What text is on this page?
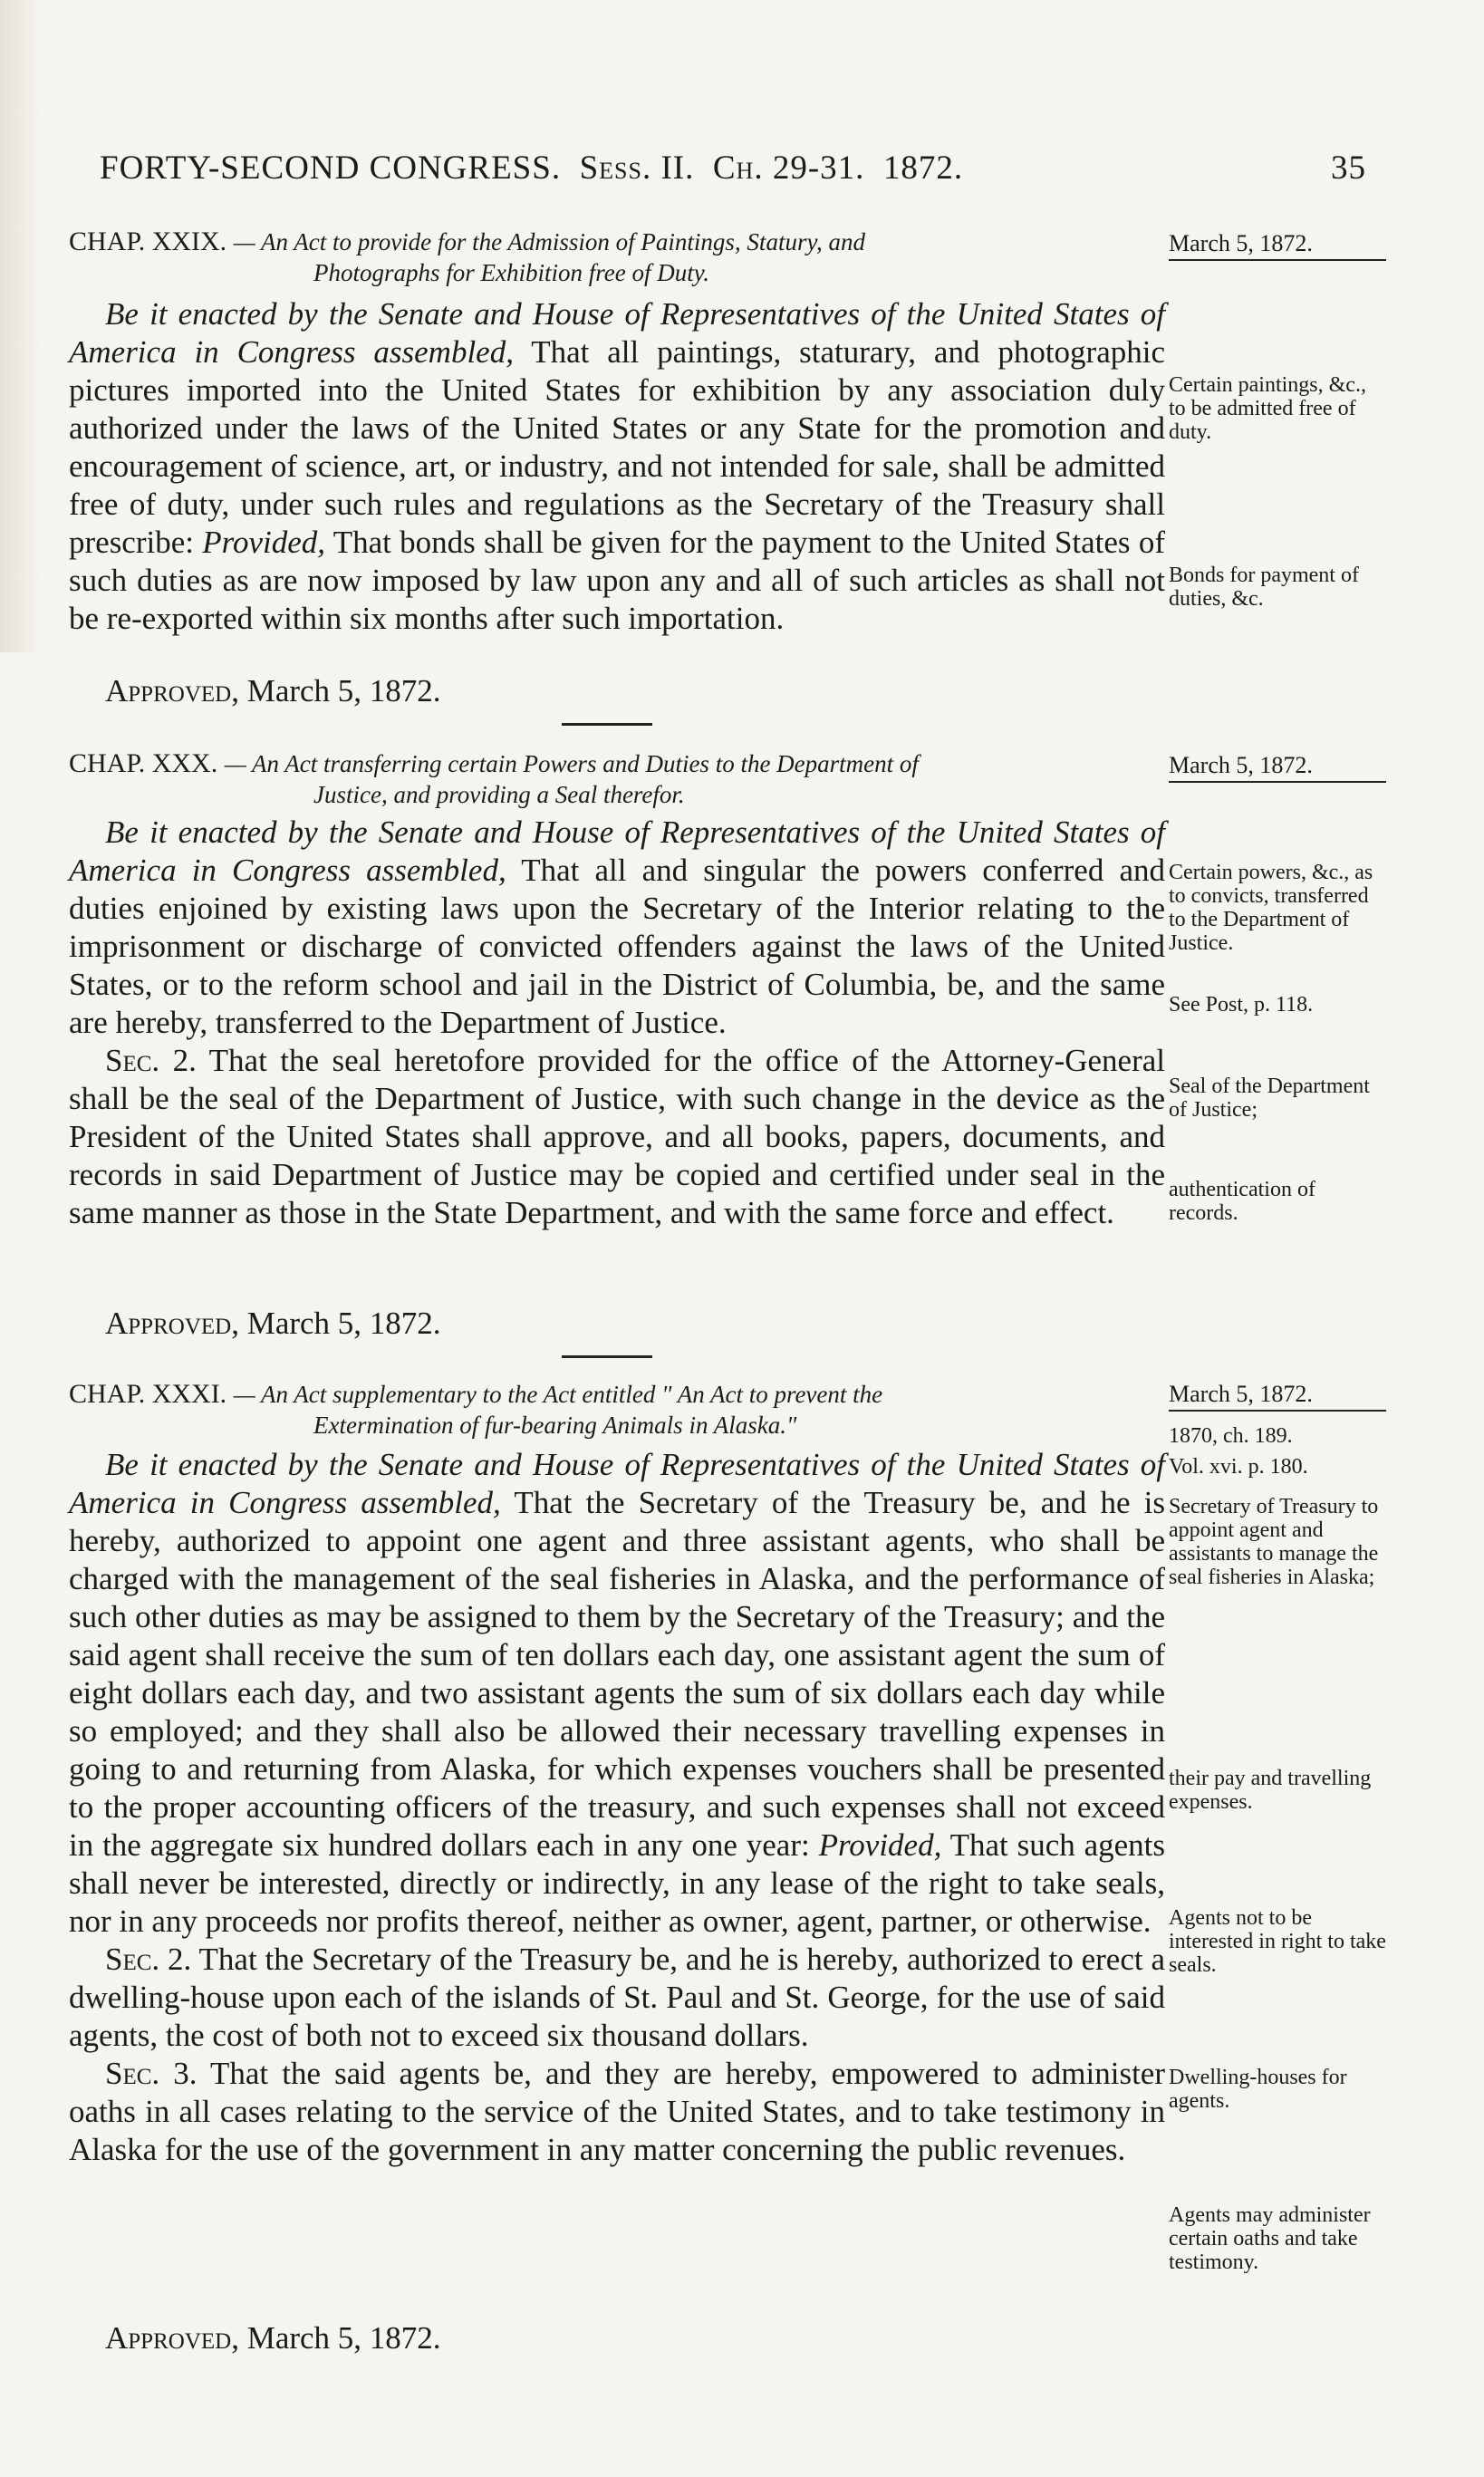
FORTY-SECOND CONGRESS. Sess. II. Ch. 29-31. 1872.	35
CHAP. XXIX. — An Act to provide for the Admission of Paintings, Statury, and
Photographs for Exhibition free of Duty.
March 5, 1872.

Be it enacted by the Senate and House of Representatives of the United States of America in Congress assembled, That all paintings, staturary, and photographic pictures imported into the United States for exhibition by any association duly authorized under the laws of the United States or any State for the promotion and encouragement of science, art, or industry, and not intended for sale, shall be admitted free of duty, under such rules and regulations as the Secretary of the Treasury shall prescribe: Provided, That bonds shall be given for the payment to the United States of such duties as are now imposed by law upon any and all of such articles as shall not be re-exported within six months after such importation.

Approved, March 5, 1872.
Certain paintings, &c., to be admitted free of duty.
Bonds for payment of duties, &c.
CHAP. XXX. — An Act transferring certain Powers and Duties to the Department of
Justice, and providing a Seal therefor.
March 5, 1872.

Be it enacted by the Senate and House of Representatives of the United States of America in Congress assembled, That all and singular the powers conferred and duties enjoined by existing laws upon the Secretary of the Interior relating to the imprisonment or discharge of convicted offenders against the laws of the United States, or to the reform school and jail in the District of Columbia, be, and the same are hereby, transferred to the Department of Justice.

Sec. 2. That the seal heretofore provided for the office of the Attorney-General shall be the seal of the Department of Justice, with such change in the device as the President of the United States shall approve, and all books, papers, documents, and records in said Department of Justice may be copied and certified under seal in the same manner as those in the State Department, and with the same force and effect.

Approved, March 5, 1872.
Certain powers, &c., as to convicts, transferred to the Department of Justice.
See Post, p. 118.
Seal of the Department of Justice;
authentication of records.
CHAP. XXXI. — An Act supplementary to the Act entitled " An Act to prevent the
Extermination of fur-bearing Animals in Alaska."
March 5, 1872.
1870, ch. 189.
Vol. xvi. p. 180.

Be it enacted by the Senate and House of Representatives of the United States of America in Congress assembled, That the Secretary of the Treasury be, and he is hereby, authorized to appoint one agent and three assistant agents, who shall be charged with the management of the seal fisheries in Alaska, and the performance of such other duties as may be assigned to them by the Secretary of the Treasury; and the said agent shall receive the sum of ten dollars each day, one assistant agent the sum of eight dollars each day, and two assistant agents the sum of six dollars each day while so employed; and they shall also be allowed their necessary travelling expenses in going to and returning from Alaska, for which expenses vouchers shall be presented to the proper accounting officers of the treasury, and such expenses shall not exceed in the aggregate six hundred dollars each in any one year: Provided, That such agents shall never be interested, directly or indirectly, in any lease of the right to take seals, nor in any proceeds nor profits thereof, neither as owner, agent, partner, or otherwise.

Sec. 2. That the Secretary of the Treasury be, and he is hereby, authorized to erect a dwelling-house upon each of the islands of St. Paul and St. George, for the use of said agents, the cost of both not to exceed six thousand dollars.

Sec. 3. That the said agents be, and they are hereby, empowered to administer oaths in all cases relating to the service of the United States, and to take testimony in Alaska for the use of the government in any matter concerning the public revenues.

Approved, March 5, 1872.
Secretary of Treasury to appoint agent and assistants to manage the seal fisheries in Alaska;
their pay and travelling expenses.
Agents not to be interested in right to take seals.
Dwelling-houses for agents.
Agents may administer certain oaths and take testimony.
